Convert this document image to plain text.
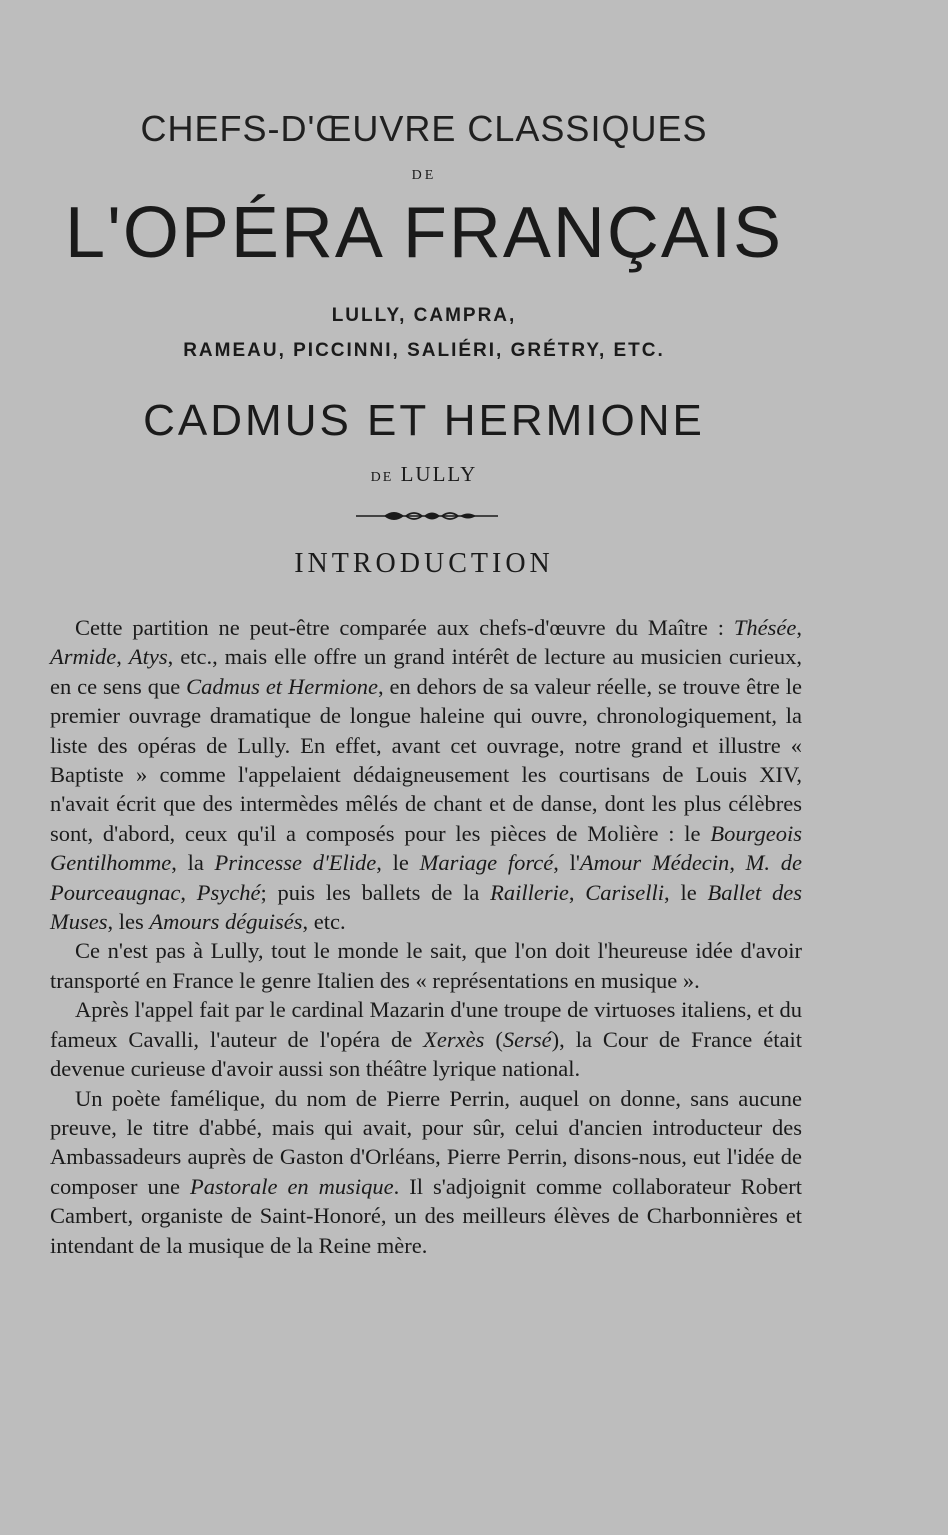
CHEFS-D'ŒUVRE CLASSIQUES
DE
L'OPÉRA FRANÇAIS
LULLY, CAMPRA,
RAMEAU, PICCINNI, SALIÉRI, GRÉTRY, ETC.
CADMUS ET HERMIONE
DE LULLY
INTRODUCTION

Cette partition ne peut-être comparée aux chefs-d'œuvre du Maître : Thésée, Armide, Atys, etc., mais elle offre un grand intérêt de lecture au musicien curieux, en ce sens que Cadmus et Hermione, en dehors de sa valeur réelle, se trouve être le premier ouvrage dramatique de longue haleine qui ouvre, chronologiquement, la liste des opéras de Lully. En effet, avant cet ouvrage, notre grand et illustre « Baptiste » comme l'appelaient dédaigneusement les courtisans de Louis XIV, n'avait écrit que des intermèdes mêlés de chant et de danse, dont les plus célèbres sont, d'abord, ceux qu'il a composés pour les pièces de Molière : le Bourgeois Gentilhomme, la Princesse d'Elide, le Mariage forcé, l'Amour Médecin, M. de Pourceaugnac, Psyché; puis les ballets de la Raillerie, Cariselli, le Ballet des Muses, les Amours déguisés, etc.

Ce n'est pas à Lully, tout le monde le sait, que l'on doit l'heureuse idée d'avoir transporté en France le genre Italien des « représentations en musique ».

Après l'appel fait par le cardinal Mazarin d'une troupe de virtuoses italiens, et du fameux Cavalli, l'auteur de l'opéra de Xerxès (Sersé), la Cour de France était devenue curieuse d'avoir aussi son théâtre lyrique national.

Un poète famélique, du nom de Pierre Perrin, auquel on donne, sans aucune preuve, le titre d'abbé, mais qui avait, pour sûr, celui d'ancien introducteur des Ambassadeurs auprès de Gaston d'Orléans, Pierre Perrin, disons-nous, eut l'idée de composer une Pastorale en musique. Il s'adjoignit comme collaborateur Robert Cambert, organiste de Saint-Honoré, un des meilleurs élèves de Charbonnières et intendant de la musique de la Reine mère.
